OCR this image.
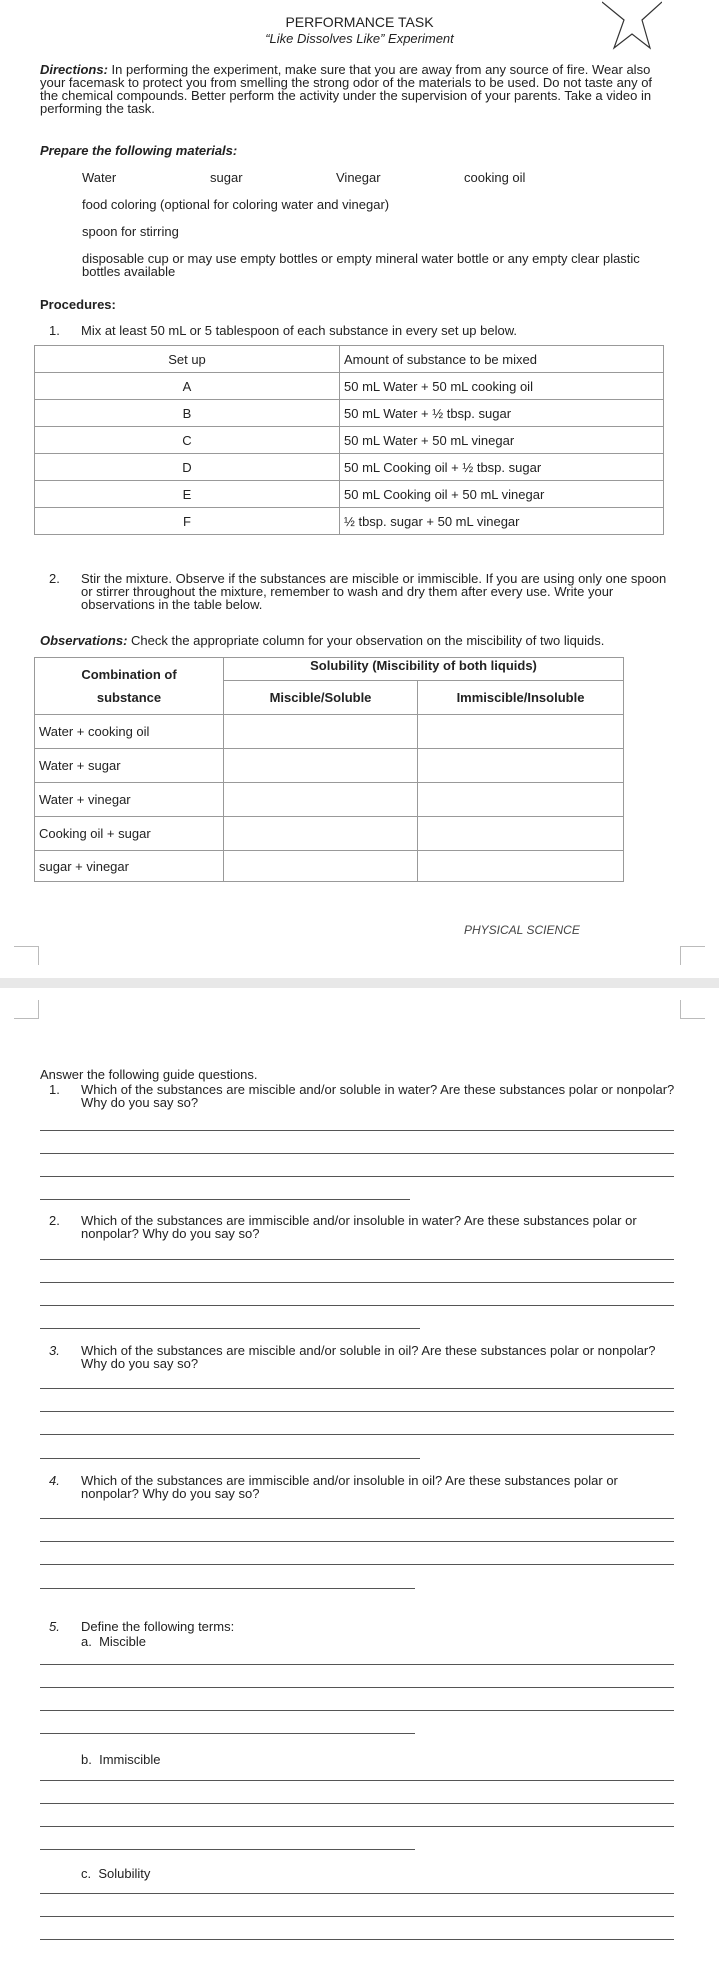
PERFORMANCE TASK
“Like Dissolves Like” Experiment
Directions: In performing the experiment, make sure that you are away from any source of fire. Wear also your facemask to protect you from smelling the strong odor of the materials to be used. Do not taste any of the chemical compounds. Better perform the activity under the supervision of your parents. Take a video in performing the task.
Prepare the following materials:
Water	sugar	Vinegar	cooking oil
food coloring (optional for coloring water and vinegar)
spoon for stirring
disposable cup or may use empty bottles or empty mineral water bottle or any empty clear plastic bottles available
Procedures:
1. Mix at least 50 mL or 5 tablespoon of each substance in every set up below.
Set up	Amount of substance to be mixed
A	50 mL Water + 50 mL cooking oil
B	50 mL Water + ½ tbsp. sugar
C	50 mL Water + 50 mL vinegar
D	50 mL Cooking oil + ½ tbsp. sugar
E	50 mL Cooking oil + 50 mL vinegar
F	½ tbsp. sugar + 50 mL vinegar
2. Stir the mixture. Observe if the substances are miscible or immiscible. If you are using only one spoon or stirrer throughout the mixture, remember to wash and dry them after every use. Write your observations in the table below.
Observations: Check the appropriate column for your observation on the miscibility of two liquids.
Combination of
substance	Solubility (Miscibility of both liquids)	
	Miscible/Soluble	Immiscible/Insoluble
Water + cooking oil		
Water + sugar		
Water + vinegar		
Cooking oil + sugar		
sugar + vinegar		
PHYSICAL SCIENCE
Answer the following guide questions.
1. Which of the substances are miscible and/or soluble in water? Are these substances polar or nonpolar? Why do you say so?
2. Which of the substances are immiscible and/or insoluble in water? Are these substances polar or nonpolar? Why do you say so?
3. Which of the substances are miscible and/or soluble in oil? Are these substances polar or nonpolar? Why do you say so?
4. Which of the substances are immiscible and/or insoluble in oil? Are these substances polar or nonpolar? Why do you say so?
5. Define the following terms:
a. Miscible
b. Immiscible
c. Solubility
